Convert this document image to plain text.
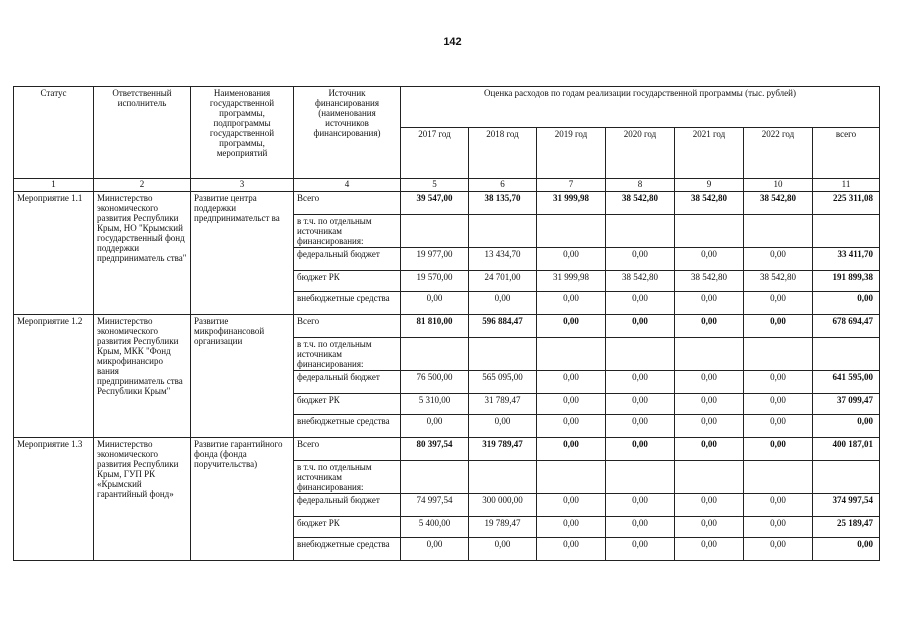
142
Статус	Ответственный исполнитель	Наименования государственной программы, подпрограммы государственной программы, мероприятий	Источник финансирования (наименования источников финансирования)	Оценка расходов по годам реализации государственной программы (тыс. рублей)						
				2017 год	2018 год	2019 год	2020 год	2021 год	2022 год	всего
1	2	3	4	5	6	7	8	9	10	11
Мероприятие 1.1	Министерство экономического развития Республики Крым, НО "Крымский государственный фонд поддержки предприниматель ства"	Развитие центра поддержки предпринимательст ва	Всего	39 547,00	38 135,70	31 999,98	38 542,80	38 542,80	38 542,80	225 311,08
			в т.ч. по отдельным источникам финансирования:							
			федеральный бюджет	19 977,00	13 434,70	0,00	0,00	0,00	0,00	33 411,70
			бюджет РК	19 570,00	24 701,00	31 999,98	38 542,80	38 542,80	38 542,80	191 899,38
			внебюджетные средства	0,00	0,00	0,00	0,00	0,00	0,00	0,00
Мероприятие 1.2	Министерство экономического развития Республики Крым, МКК "Фонд микрофинансиро вания предприниматель ства Республики Крым"	Развитие микрофинансовой организации	Всего	81 810,00	596 884,47	0,00	0,00	0,00	0,00	678 694,47
			в т.ч. по отдельным источникам финансирования:							
			федеральный бюджет	76 500,00	565 095,00	0,00	0,00	0,00	0,00	641 595,00
			бюджет РК	5 310,00	31 789,47	0,00	0,00	0,00	0,00	37 099,47
			внебюджетные средства	0,00	0,00	0,00	0,00	0,00	0,00	0,00
Мероприятие 1.3	Министерство экономического развития Республики Крым, ГУП РК «Крымский гарантийный фонд»	Развитие гарантийного фонда (фонда поручительства)	Всего	80 397,54	319 789,47	0,00	0,00	0,00	0,00	400 187,01
			в т.ч. по отдельным источникам финансирования:							
			федеральный бюджет	74 997,54	300 000,00	0,00	0,00	0,00	0,00	374 997,54
			бюджет РК	5 400,00	19 789,47	0,00	0,00	0,00	0,00	25 189,47
			внебюджетные средства	0,00	0,00	0,00	0,00	0,00	0,00	0,00
